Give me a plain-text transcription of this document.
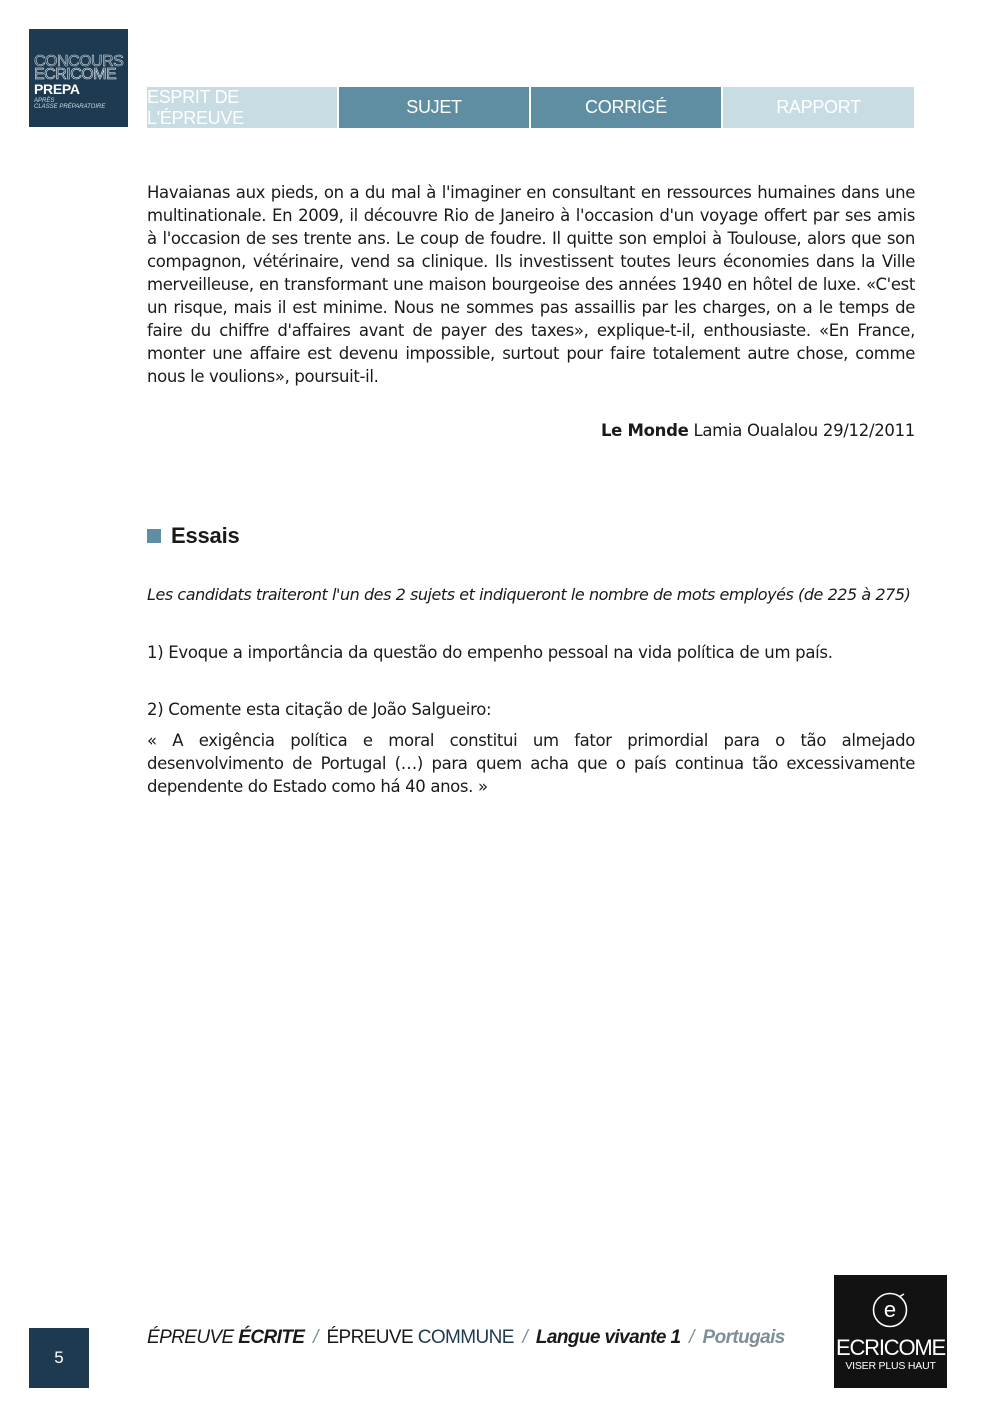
CONCOURS
ECRICOME
PREPA
APRÈS
CLASSE PRÉPARATOIRE
ESPRIT DE L'ÉPREUVE
SUJET	CORRIGÉ	RAPPORT

Havaianas aux pieds, on a du mal à l'imaginer en consultant en ressources humaines dans une multinationale. En 2009, il découvre Rio de Janeiro à l'occasion d'un voyage offert par ses amis à l'occasion de ses trente ans. Le coup de foudre. Il quitte son emploi à Toulouse, alors que son compagnon, vétérinaire, vend sa clinique. Ils investissent toutes leurs économies dans la Ville merveilleuse, en transformant une maison bourgeoise des années 1940 en hôtel de luxe. «C'est un risque, mais il est minime. Nous ne sommes pas assaillis par les charges, on a le temps de faire du chiffre d'affaires avant de payer des taxes», explique-t-il, enthousiaste. «En France, monter une affaire est devenu impossible, surtout pour faire totalement autre chose, comme nous le voulions», poursuit-il.

Le Monde Lamia Oualalou 29/12/2011
Essais
Les candidats traiteront l'un des 2 sujets et indiqueront le nombre de mots employés (de 225 à 275)
1) Evoque a importância da questão do empenho pessoal na vida política de um país.
2) Comente esta citação de João Salgueiro:

« A exigência política e moral constitui um fator primordial para o tão almejado desenvolvimento de Portugal (…) para quem acha que o país continua tão excessivamente dependente do Estado como há 40 anos. »

5
ÉPREUVE ÉCRITE / ÉPREUVE COMMUNE / Langue vivante 1 / Portugais
e
ECRICOME
VISER PLUS HAUT
